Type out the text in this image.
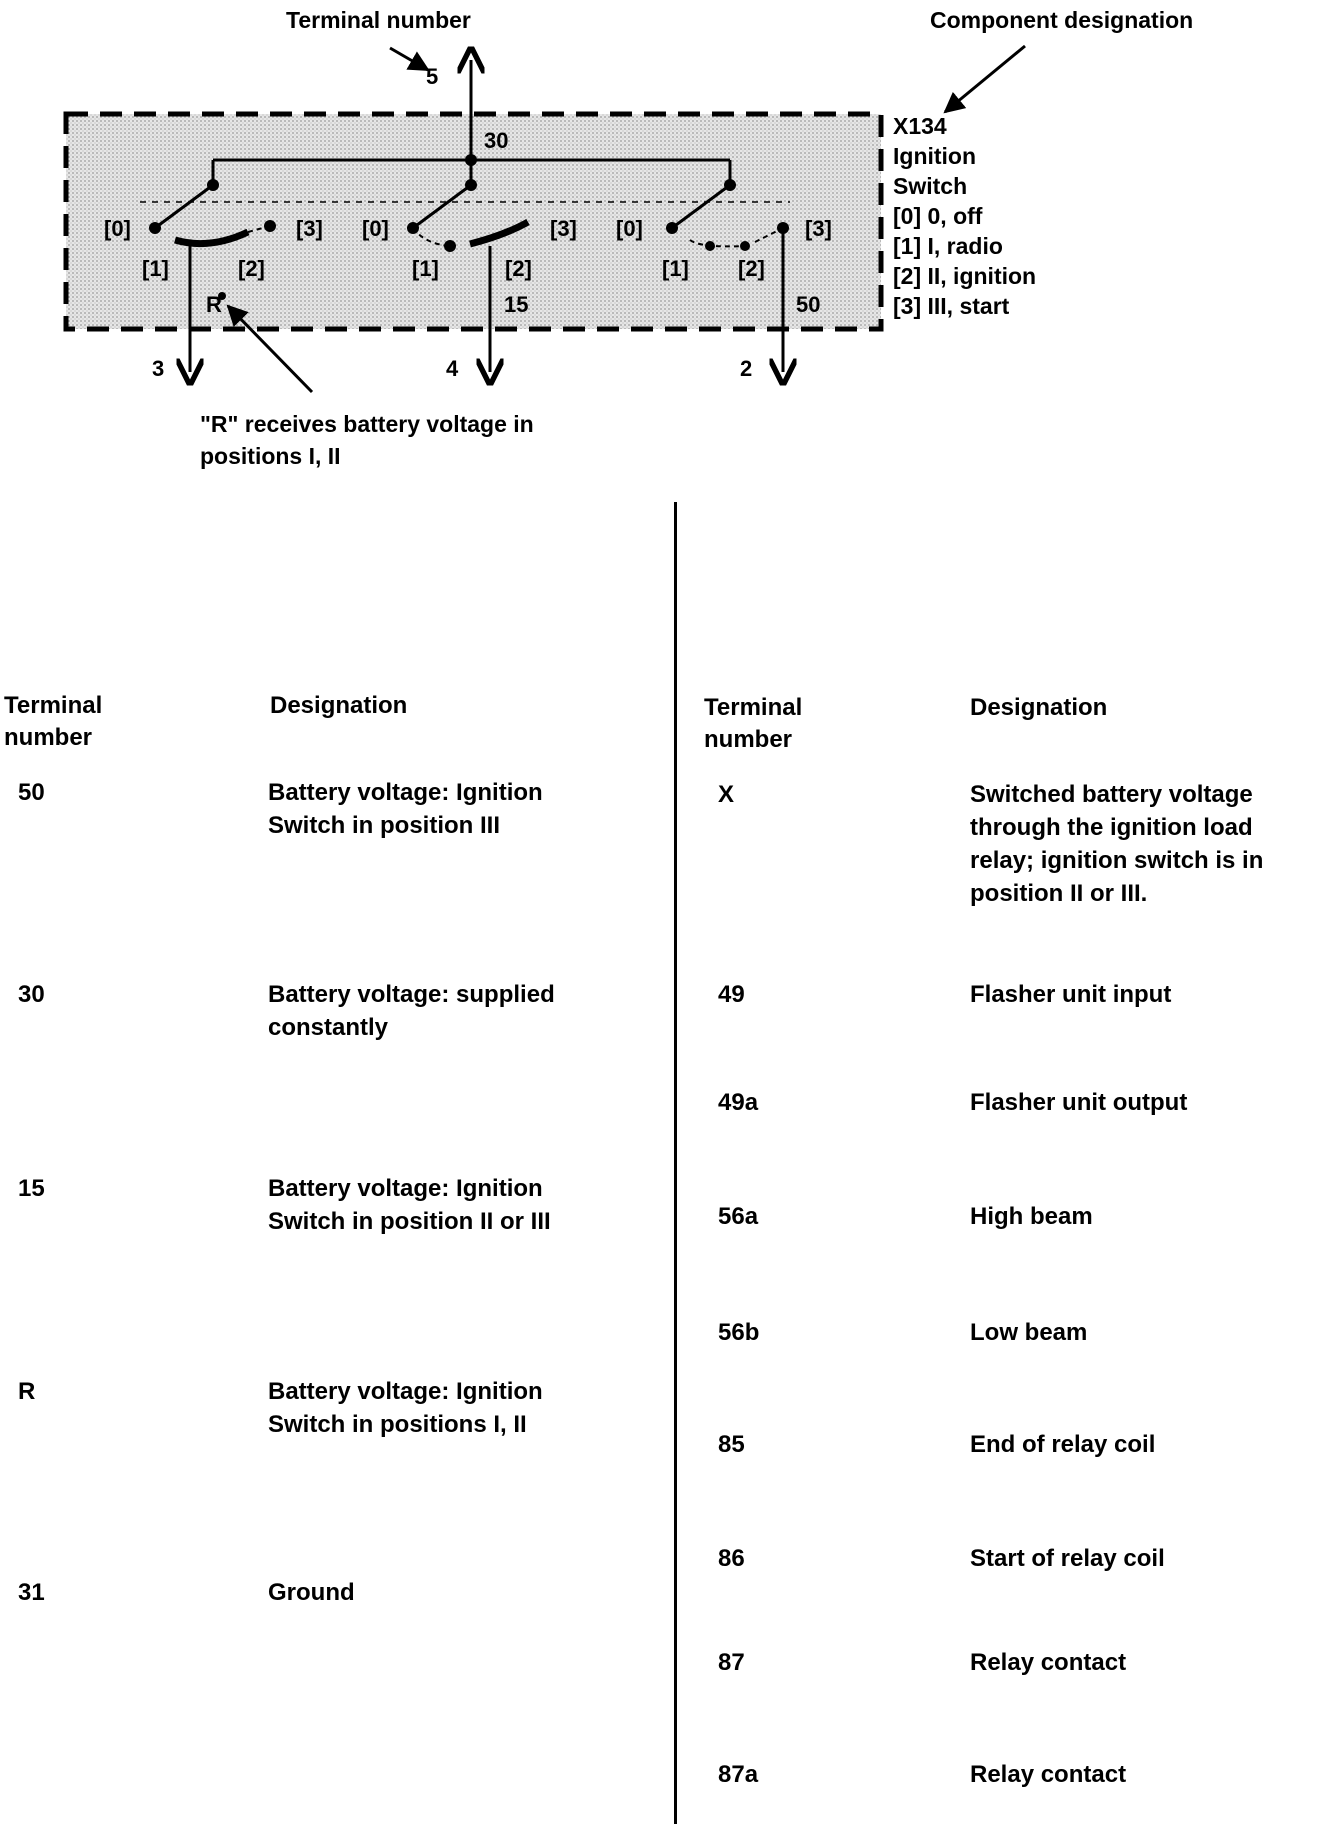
[0]	[3]
[1]	[2]
[0]	[3]
[1]	[2]
[0]	[3]
[1] [2]
30
15	50
R
5
3	4	2
Terminal number	Component designation
"R" receives battery voltage in positions I, II
X134
Ignition
Switch
[0] 0, off
[1] I, radio
[2] II, ignition
[3] III, start
Terminal
number
Designation
50	Battery voltage: Ignition Switch in position III
30	Battery voltage: supplied constantly
15	Battery voltage: Ignition Switch in position II or III
R	Battery voltage: Ignition Switch in positions I, II
31	Ground
Terminal
number
Designation
X	Switched battery voltage through the ignition load relay; ignition switch is in position II or III.
49	Flasher unit input
49a	Flasher unit output
56a	High beam
56b	Low beam
85	End of relay coil
86	Start of relay coil
87	Relay contact
87a	Relay contact
